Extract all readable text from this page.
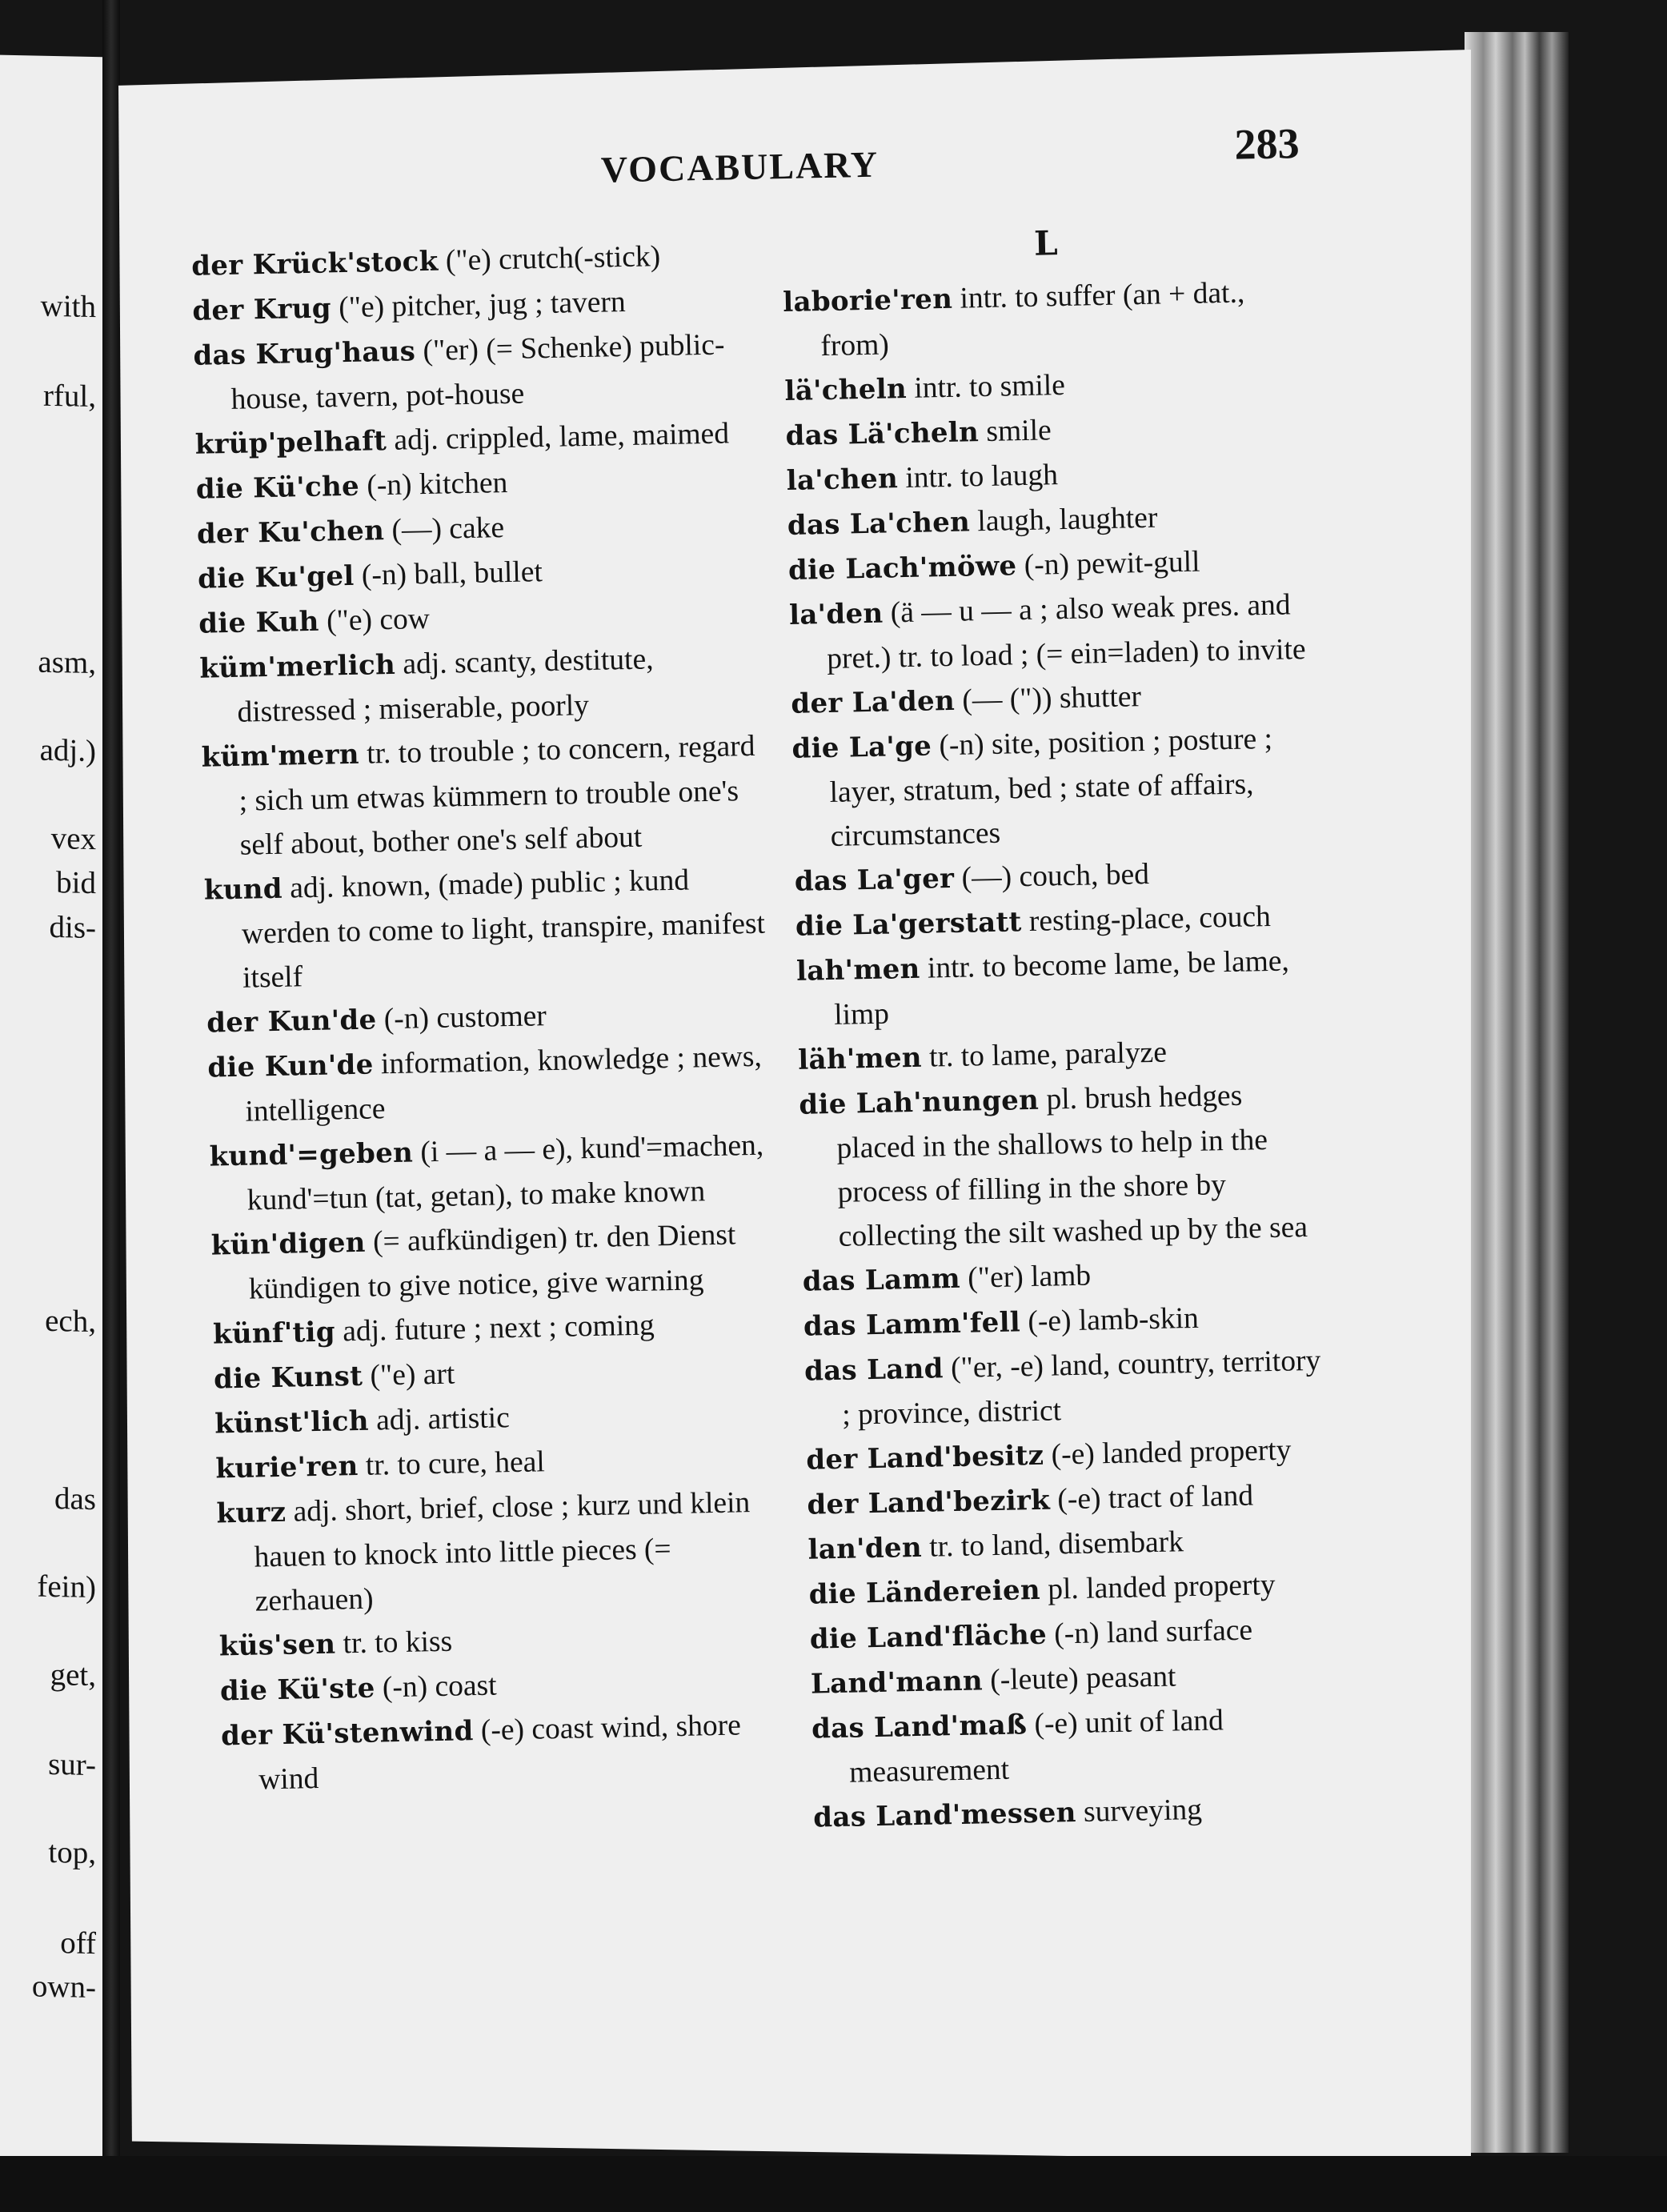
with
rful,
asm,
adj.)
vex
bid
dis-
ech,
das
fein)
get,
sur-
top,
off
own-
VOCABULARY	283
der Krück'stock ("e) crutch(-stick)
der Krug ("e) pitcher, jug ; tavern
das Krug'haus ("er) (= Schenke) public-house, tavern, pot-house
krüp'pelhaft adj. crippled, lame, maimed
die Kü'che (-n) kitchen
der Ku'chen (—) cake
die Ku'gel (-n) ball, bullet
die Kuh ("e) cow
küm'merlich adj. scanty, destitute, distressed ; miserable, poorly
küm'mern tr. to trouble ; to concern, regard ; sich um etwas kümmern to trouble one's self about, bother one's self about
kund adj. known, (made) public ; kund werden to come to light, transpire, manifest itself
der Kun'de (-n) customer
die Kun'de information, knowledge ; news, intelligence
kund'=geben (i — a — e), kund'=machen, kund'=tun (tat, getan), to make known
kün'digen (= aufkündigen) tr. den Dienst kündigen to give notice, give warning
künf'tig adj. future ; next ; coming
die Kunst ("e) art
künst'lich adj. artistic
kurie'ren tr. to cure, heal
kurz adj. short, brief, close ; kurz und klein hauen to knock into little pieces (= zerhauen)
küs'sen tr. to kiss
die Kü'ste (-n) coast
der Kü'stenwind (-e) coast wind, shore wind
L
laborie'ren intr. to suffer (an + dat., from)
lä'cheln intr. to smile
das Lä'cheln smile
la'chen intr. to laugh
das La'chen laugh, laughter
die Lach'möwe (-n) pewit-gull
la'den (ä — u — a ; also weak pres. and pret.) tr. to load ; (= ein=laden) to invite
der La'den (— (")) shutter
die La'ge (-n) site, position ; posture ; layer, stratum, bed ; state of affairs, circumstances
das La'ger (—) couch, bed
die La'gerstatt resting-place, couch
lah'men intr. to become lame, be lame, limp
läh'men tr. to lame, paralyze
die Lah'nungen pl. brush hedges placed in the shallows to help in the process of filling in the shore by collecting the silt washed up by the sea
das Lamm ("er) lamb
das Lamm'fell (-e) lamb-skin
das Land ("er, -e) land, country, territory ; province, district
der Land'besitz (-e) landed property
der Land'bezirk (-e) tract of land
lan'den tr. to land, disembark
die Ländereien pl. landed property
die Land'fläche (-n) land surface
Land'mann (-leute) peasant
das Land'maß (-e) unit of land measurement
das Land'messen surveying
